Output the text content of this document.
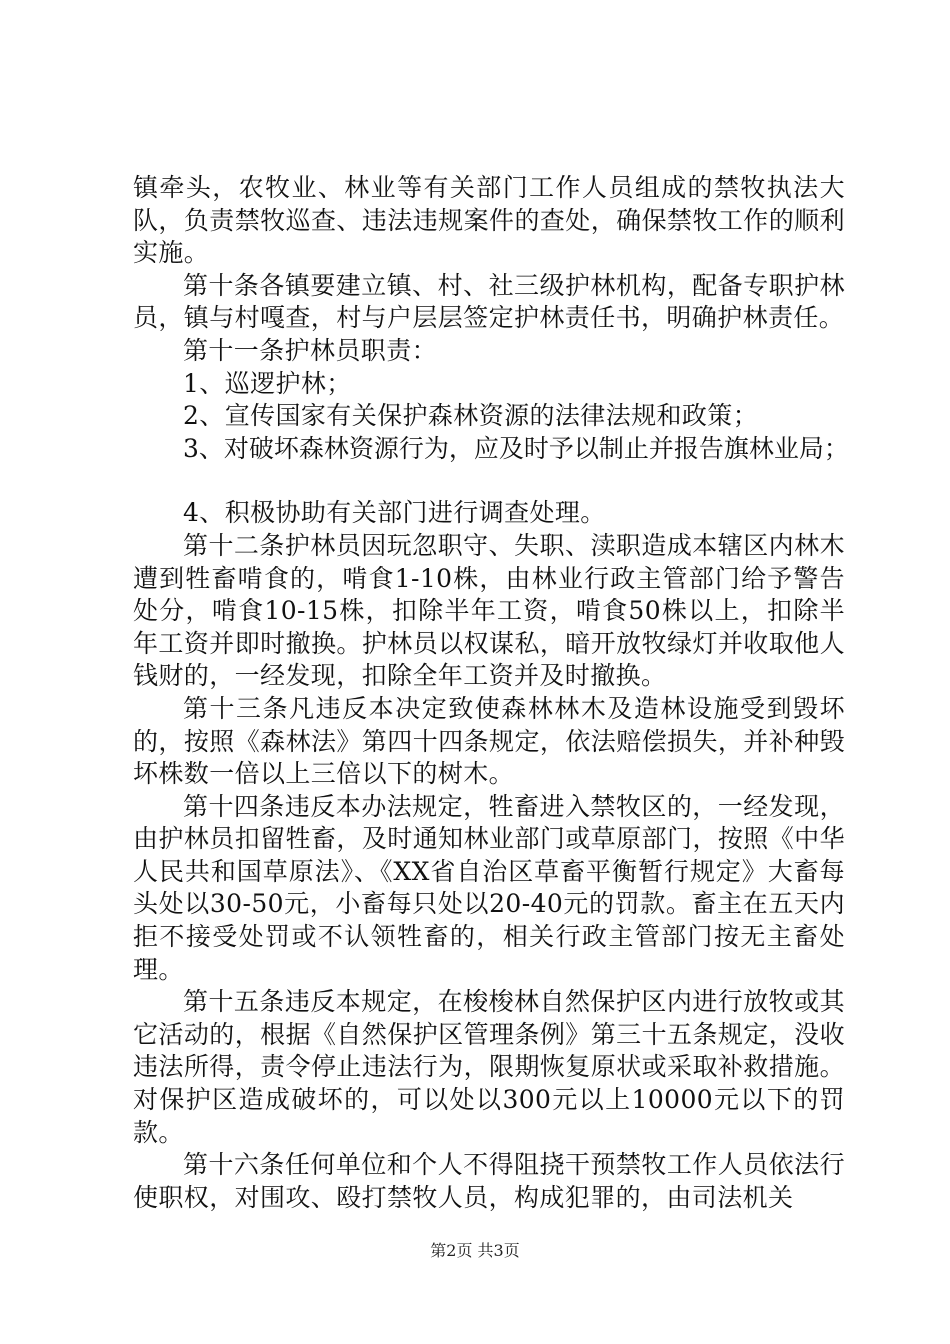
镇牵头，农牧业、林业等有关部门工作人员组成的禁牧执法大队，负责禁牧巡查、违法违规案件的查处，确保禁牧工作的顺利实施。

第十条各镇要建立镇、村、社三级护林机构，配备专职护林员，镇与村嘎查，村与户层层签定护林责任书，明确护林责任。

第十一条护林员职责：

1、巡逻护林；

2、宣传国家有关保护森林资源的法律法规和政策；

3、对破坏森林资源行为，应及时予以制止并报告旗林业局；

4、积极协助有关部门进行调查处理。

第十二条护林员因玩忽职守、失职、渎职造成本辖区内林木遭到牲畜啃食的，啃食1-10株，由林业行政主管部门给予警告处分，啃食10-15株，扣除半年工资，啃食50株以上，扣除半年工资并即时撤换。护林员以权谋私，暗开放牧绿灯并收取他人钱财的，一经发现，扣除全年工资并及时撤换。

第十三条凡违反本决定致使森林林木及造林设施受到毁坏的，按照《森林法》第四十四条规定，依法赔偿损失，并补种毁坏株数一倍以上三倍以下的树木。

第十四条违反本办法规定，牲畜进入禁牧区的，一经发现，由护林员扣留牲畜，及时通知林业部门或草原部门，按照《中华人民共和国草原法》、《XX省自治区草畜平衡暂行规定》大畜每头处以30-50元，小畜每只处以20-40元的罚款。畜主在五天内拒不接受处罚或不认领牲畜的，相关行政主管部门按无主畜处理。

第十五条违反本规定，在梭梭林自然保护区内进行放牧或其它活动的，根据《自然保护区管理条例》第三十五条规定，没收违法所得，责令停止违法行为，限期恢复原状或采取补救措施。对保护区造成破坏的，可以处以300元以上10000元以下的罚款。

第十六条任何单位和个人不得阻挠干预禁牧工作人员依法行使职权，对围攻、殴打禁牧人员，构成犯罪的，由司法机关

第2页 共3页
